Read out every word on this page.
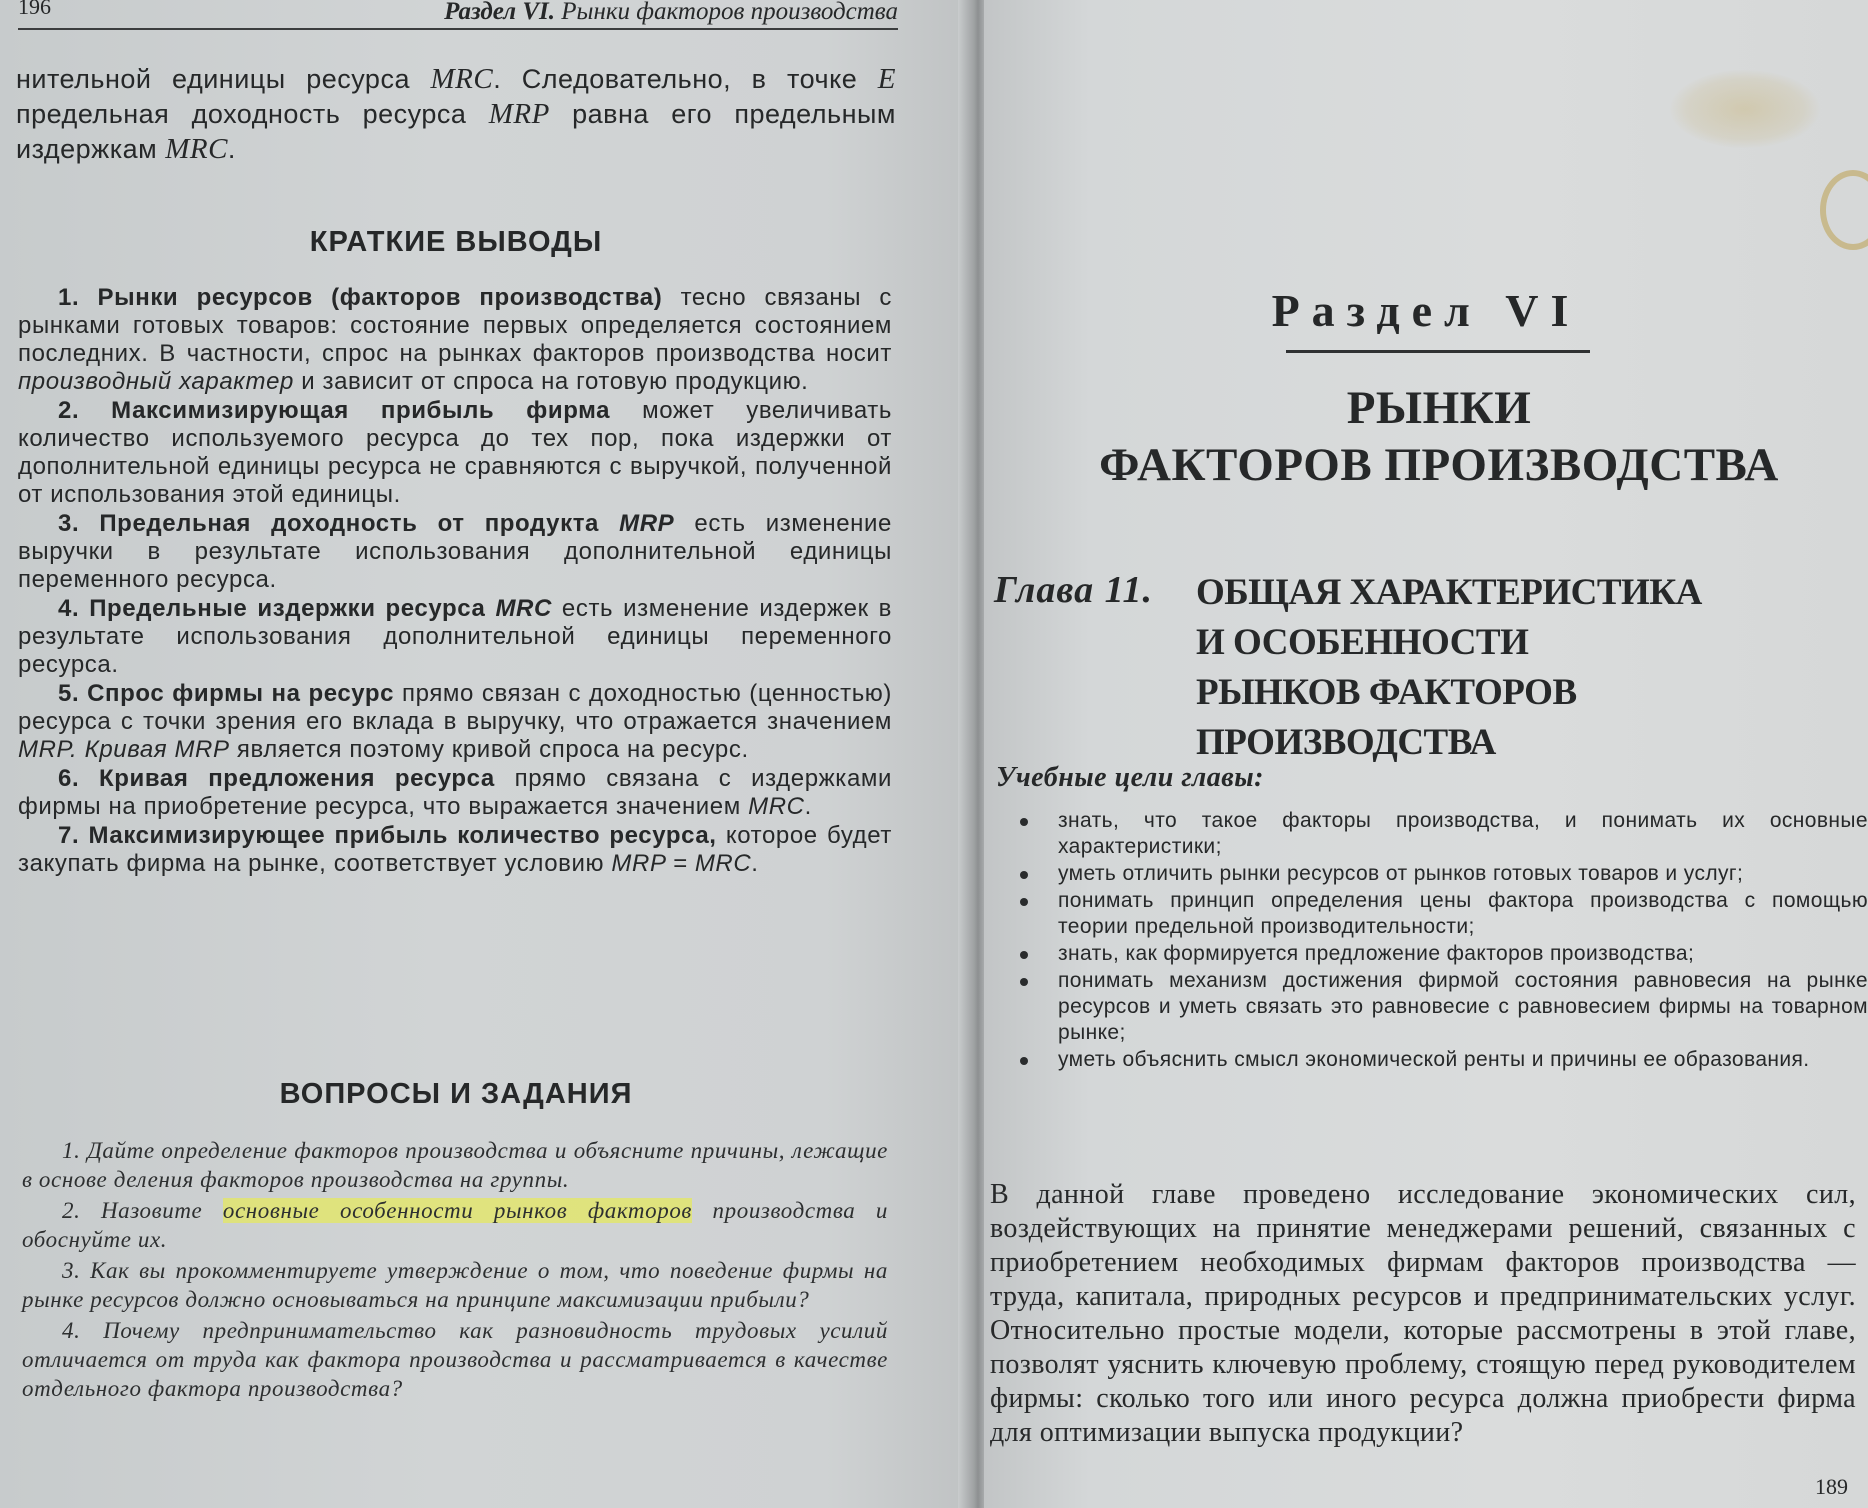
196	Раздел VI. Рынки факторов производства
нительной единицы ресурса MRC. Следовательно, в точке E предельная доходность ресурса MRP равна его предельным издержкам MRC.
КРАТКИЕ ВЫВОДЫ

1. Рынки ресурсов (факторов производства) тесно связаны с рынками готовых товаров: состояние первых определяется состоянием последних. В частности, спрос на рынках факторов производства носит производный характер и зависит от спроса на готовую продукцию.

2. Максимизирующая прибыль фирма может увеличивать количество используемого ресурса до тех пор, пока издержки от дополнительной единицы ресурса не сравняются с выручкой, полученной от использования этой единицы.

3. Предельная доходность от продукта MRP есть изменение выручки в результате использования дополнительной единицы переменного ресурса.

4. Предельные издержки ресурса MRC есть изменение издержек в результате использования дополнительной единицы переменного ресурса.

5. Спрос фирмы на ресурс прямо связан с доходностью (ценностью) ресурса с точки зрения его вклада в выручку, что отражается значением MRP. Кривая MRP является поэтому кривой спроса на ресурс.

6. Кривая предложения ресурса прямо связана с издержками фирмы на приобретение ресурса, что выражается значением MRC.

7. Максимизирующее прибыль количество ресурса, которое будет закупать фирма на рынке, соответствует условию MRP = MRC.

ВОПРОСЫ И ЗАДАНИЯ

1. Дайте определение факторов производства и объясните причины, лежащие в основе деления факторов производства на группы.

2. Назовите основные особенности рынков факторов производства и обоснуйте их.

3. Как вы прокомментируете утверждение о том, что поведение фирмы на рынке ресурсов должно основываться на принципе максимизации прибыли?

4. Почему предпринимательство как разновидность трудовых усилий отличается от труда как фактора производства и рассматривается в качестве отдельного фактора производства?

Раздел VI
РЫНКИ
ФАКТОРОВ ПРОИЗВОДСТВА
Глава 11. ОБЩАЯ ХАРАКТЕРИСТИКА
И ОСОБЕННОСТИ
РЫНКОВ ФАКТОРОВ ПРОИЗВОДСТВА
Учебные цели главы:
знать, что такое факторы производства, и понимать их основные характеристики;
уметь отличить рынки ресурсов от рынков готовых товаров и услуг;
понимать принцип определения цены фактора производства с помощью теории предельной производительности;
знать, как формируется предложение факторов производства;
понимать механизм достижения фирмой состояния равновесия на рынке ресурсов и уметь связать это равновесие с равновесием фирмы на товарном рынке;
уметь объяснить смысл экономической ренты и причины ее образования.
В данной главе проведено исследование экономических сил, воздействующих на принятие менеджерами решений, связанных с приобретением необходимых фирмам факторов производства — труда, капитала, природных ресурсов и предпринимательских услуг. Относительно простые модели, которые рассмотрены в этой главе, позволят уяснить ключевую проблему, стоящую перед руководителем фирмы: сколько того или иного ресурса должна приобрести фирма для оптимизации выпуска продукции?
189
